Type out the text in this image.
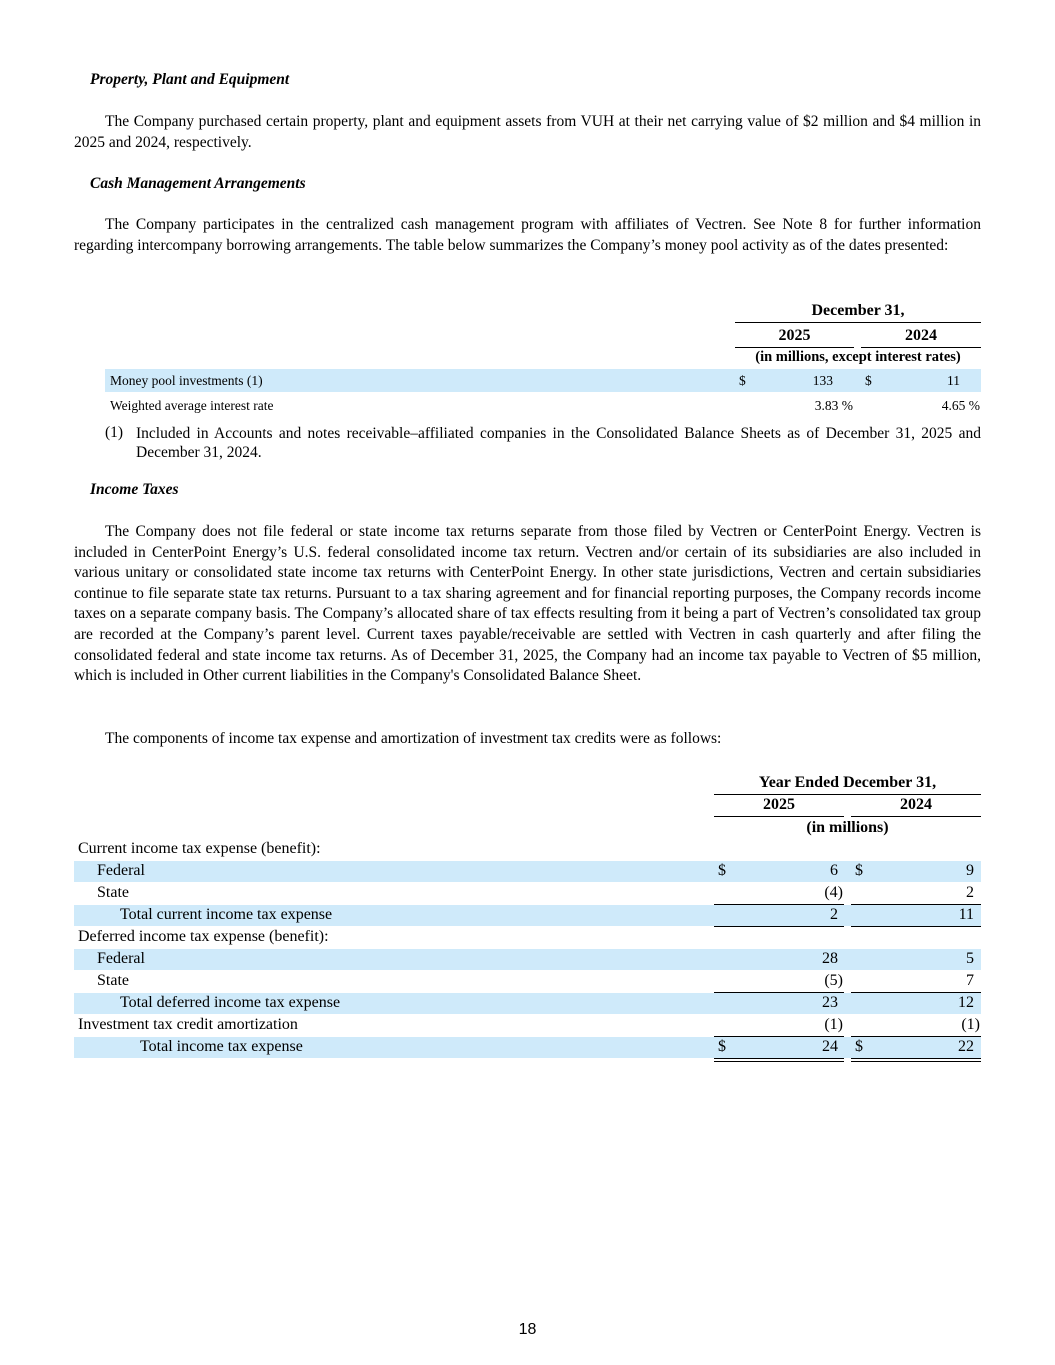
Property, Plant and Equipment

The Company purchased certain property, plant and equipment assets from VUH at their net carrying value of $2 million and $4 million in 2025 and 2024, respectively.

Cash Management Arrangements

The Company participates in the centralized cash management program with affiliates of Vectren. See Note 8 for further information regarding intercompany borrowing arrangements. The table below summarizes the Company’s money pool activity as of the dates presented:

December 31,
2025	2024
(in millions, except interest rates)
Money pool investments (1)	$	133 $	11
Weighted average interest rate	3.83 %	4.65 %
(1) Included in Accounts and notes receivable–affiliated companies in the Consolidated Balance Sheets as of December 31, 2025 and December 31, 2024.
Income Taxes

The Company does not file federal or state income tax returns separate from those filed by Vectren or CenterPoint Energy. Vectren is included in CenterPoint Energy’s U.S. federal consolidated income tax return. Vectren and/or certain of its subsidiaries are also included in various unitary or consolidated state income tax returns with CenterPoint Energy. In other state jurisdictions, Vectren and certain subsidiaries continue to file separate state tax returns. Pursuant to a tax sharing agreement and for financial reporting purposes, the Company records income taxes on a separate company basis. The Company’s allocated share of tax effects resulting from it being a part of Vectren’s consolidated tax group are recorded at the Company’s parent level. Current taxes payable/receivable are settled with Vectren in cash quarterly and after filing the consolidated federal and state income tax returns. As of December 31, 2025, the Company had an income tax payable to Vectren of $5 million, which is included in Other current liabilities in the Company's Consolidated Balance Sheet.

The components of income tax expense and amortization of investment tax credits were as follows:

Year Ended December 31,
2025	2024
(in millions)
Current income tax expense (benefit):
Federal	$	6 $	9
State	(4)	2
Total current income tax expense	2	11
Deferred income tax expense (benefit):
Federal	28	5
State	(5)	7
Total deferred income tax expense	23	12
Investment tax credit amortization	(1)	(1)
Total income tax expense	$	24 $	22
18
